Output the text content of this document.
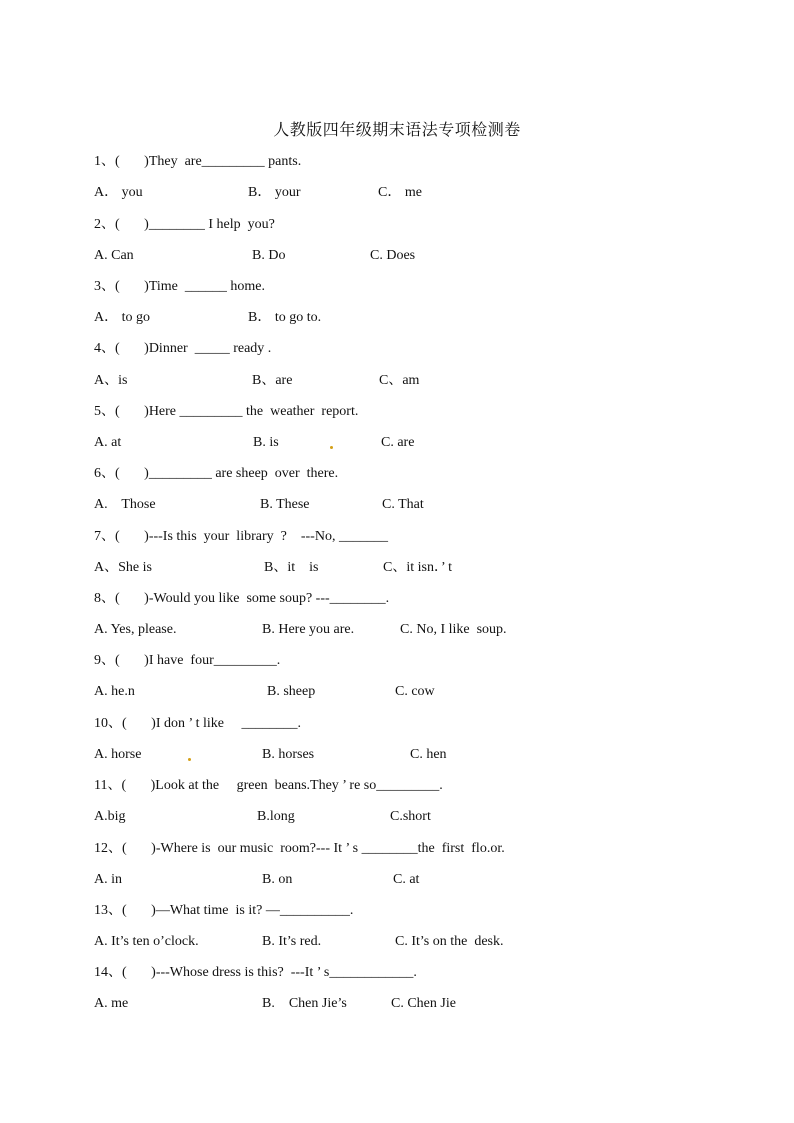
人教版四年级期末语法专项检测卷
1、(       )They  are_________ pants.
A． you	B． your	C． me
2、(       )________ I help  you?
A. Can	B. Do	C. Does
3、(       )Time  ______ home.
A． to go	B． to go to.
4、(       )Dinner  _____ ready .
A、is	B、are	C、am
5、(       )Here _________ the  weather  report.
A. at	B. is	C. are
6、(       )_________ are sheep  over  there.
A.    Those	B. These	C. That
7、(       )---Is this  your  library  ?    ---No, _______
A、She is	B、it    is	C、it isn．’ t
8、(       )-Would you like  some soup? ---________.
A. Yes, please.	B. Here you are.	C. No, I like  soup.
9、(       )I have  four_________.
A. he.n	B. sheep	C. cow
10、(       )I don ’ t like     ________.
A. horse	B. horses	C. hen
11、(       )Look at the     green  beans.They ’ re so_________.
A.big	B.long	C.short
12、(       )-Where is  our music  room?--- It ’ s ________the  first  flo.or.
A. in	B. on	C. at
13、(       )—What time  is it? —__________.
A. It’s ten o’clock.	B. It’s red.	C. It’s on the  desk.
14、(       )---Whose dress is this?  ---It ’ s____________.
A. me	B.    Chen Jie’s	C. Chen Jie
